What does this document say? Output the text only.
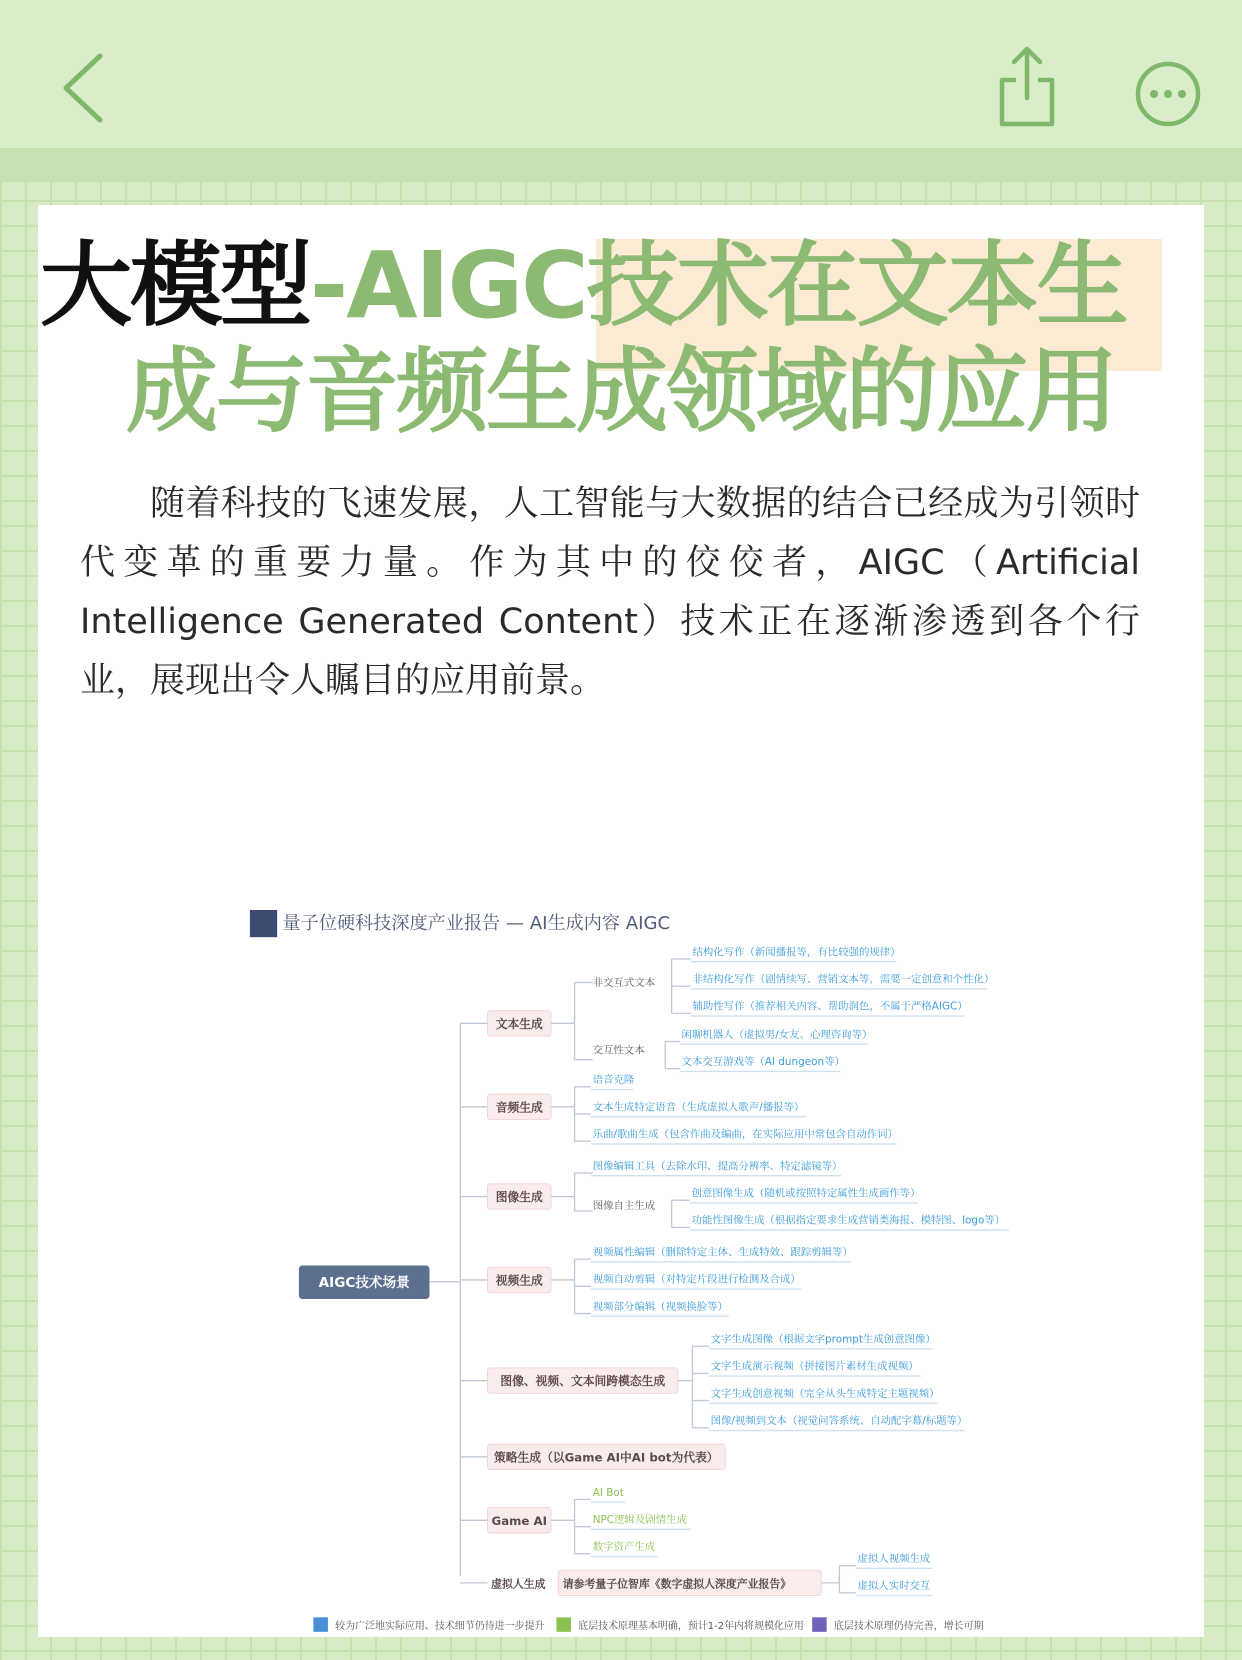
大模型-AIGC技术在文本生
成与音频生成领域的应用

随着科技的飞速发展，人工智能与大数据的结合已经成为引领时代变革的重要力量。作为其中的佼佼者，AIGC（Artificial Intelligence Generated Content）技术正在逐渐渗透到各个行业，展现出令人瞩目的应用前景。

量子位硬科技深度产业报告 — AI生成内容 AIGC
AIGC技术场景
文本生成
非交互式文本
结构化写作（新闻播报等，有比较强的规律）
非结构化写作（剧情续写、营销文本等，需要一定创意和个性化）
辅助性写作（推荐相关内容、帮助润色，不属于严格AIGC）
交互性文本
闲聊机器人（虚拟男/女友、心理咨询等）
文本交互游戏等（AI dungeon等）
音频生成
语音克隆
文本生成特定语音（生成虚拟人歌声/播报等）
乐曲/歌曲生成（包含作曲及编曲，在实际应用中常包含自动作词）
图像生成
图像编辑工具（去除水印、提高分辨率、特定滤镜等）
图像自主生成
创意图像生成（随机或按照特定属性生成画作等）
功能性图像生成（根据指定要求生成营销类海报、模特图、logo等）
视频生成
视频属性编辑（删除特定主体、生成特效、跟踪剪辑等）
视频自动剪辑（对特定片段进行检测及合成）
视频部分编辑（视频换脸等）
图像、视频、文本间跨模态生成
文字生成图像（根据文字prompt生成创意图像）
文字生成演示视频（拼接图片素材生成视频）
文字生成创意视频（完全从头生成特定主题视频）
图像/视频到文本（视觉问答系统、自动配字幕/标题等）
策略生成（以Game AI中AI bot为代表）
Game AI
AI Bot
NPC逻辑及剧情生成
数字资产生成
虚拟人生成 请参考量子位智库《数字虚拟人深度产业报告》
虚拟人视频生成
虚拟人实时交互
较为广泛地实际应用、技术细节仍待进一步提升	底层技术原理基本明确，预计1-2年内将规模化应用	底层技术原理仍待完善，增长可期
